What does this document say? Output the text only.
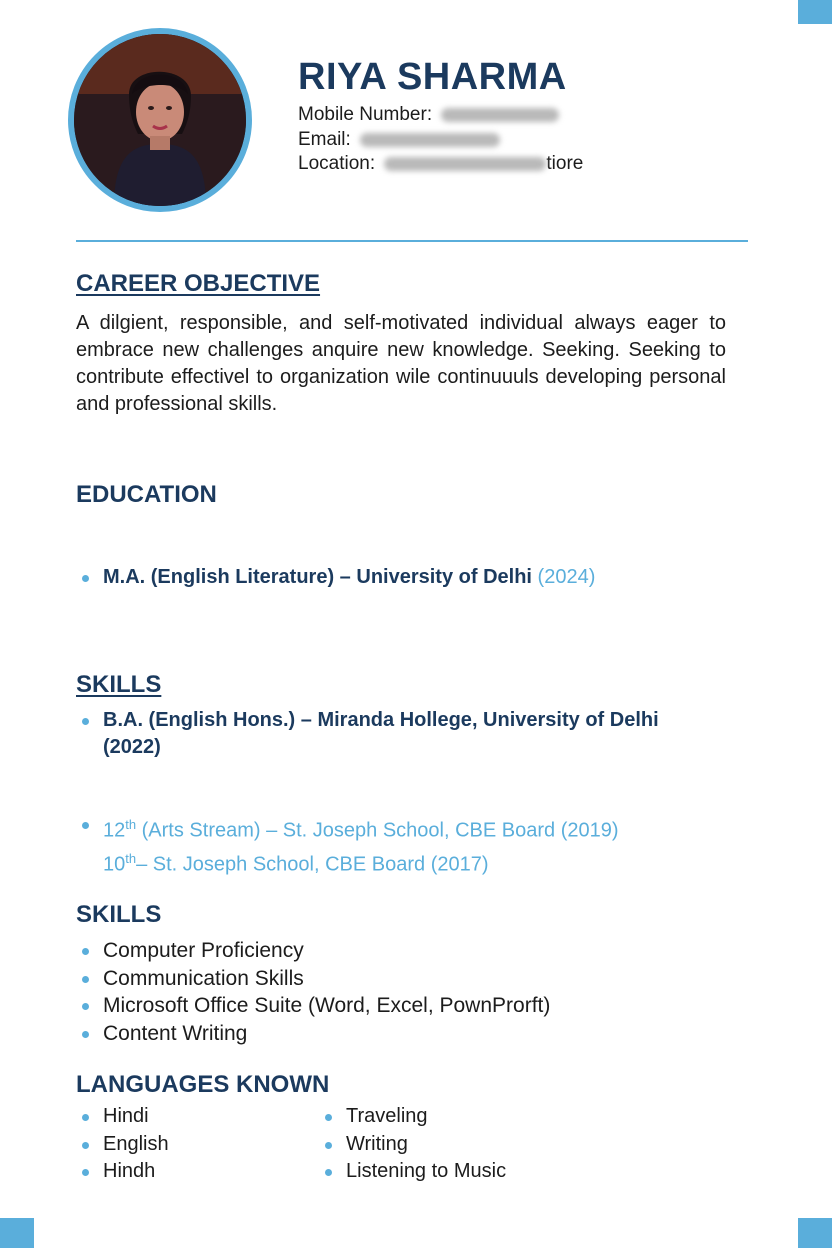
RIYA SHARMA
Mobile Number:
Email:
Location:	tiore
CAREER OBJECTIVE

A dilgient, responsible, and self-motivated individual always eager to embrace new challenges anquire new knowledge. Seeking. Seeking to contribute effectivel to organization wile continuuuls developing personal and professional skills.

EDUCATION
M.A. (English Literature) – University of Delhi (2024)
SKILLS
B.A. (English Hons.) – Miranda Hollege, University of Delhi
(2022)
12th (Arts Stream) – St. Joseph School, CBE Board (2019)
10th– St. Joseph School, CBE Board (2017)
SKILLS
Computer Proficiency
Communication Skills
Microsoft Office Suite (Word, Excel, PownProrft)
Content Writing
LANGUAGES KNOWN
Hindi
English
Hindh
Traveling
Writing
Listening to Music
